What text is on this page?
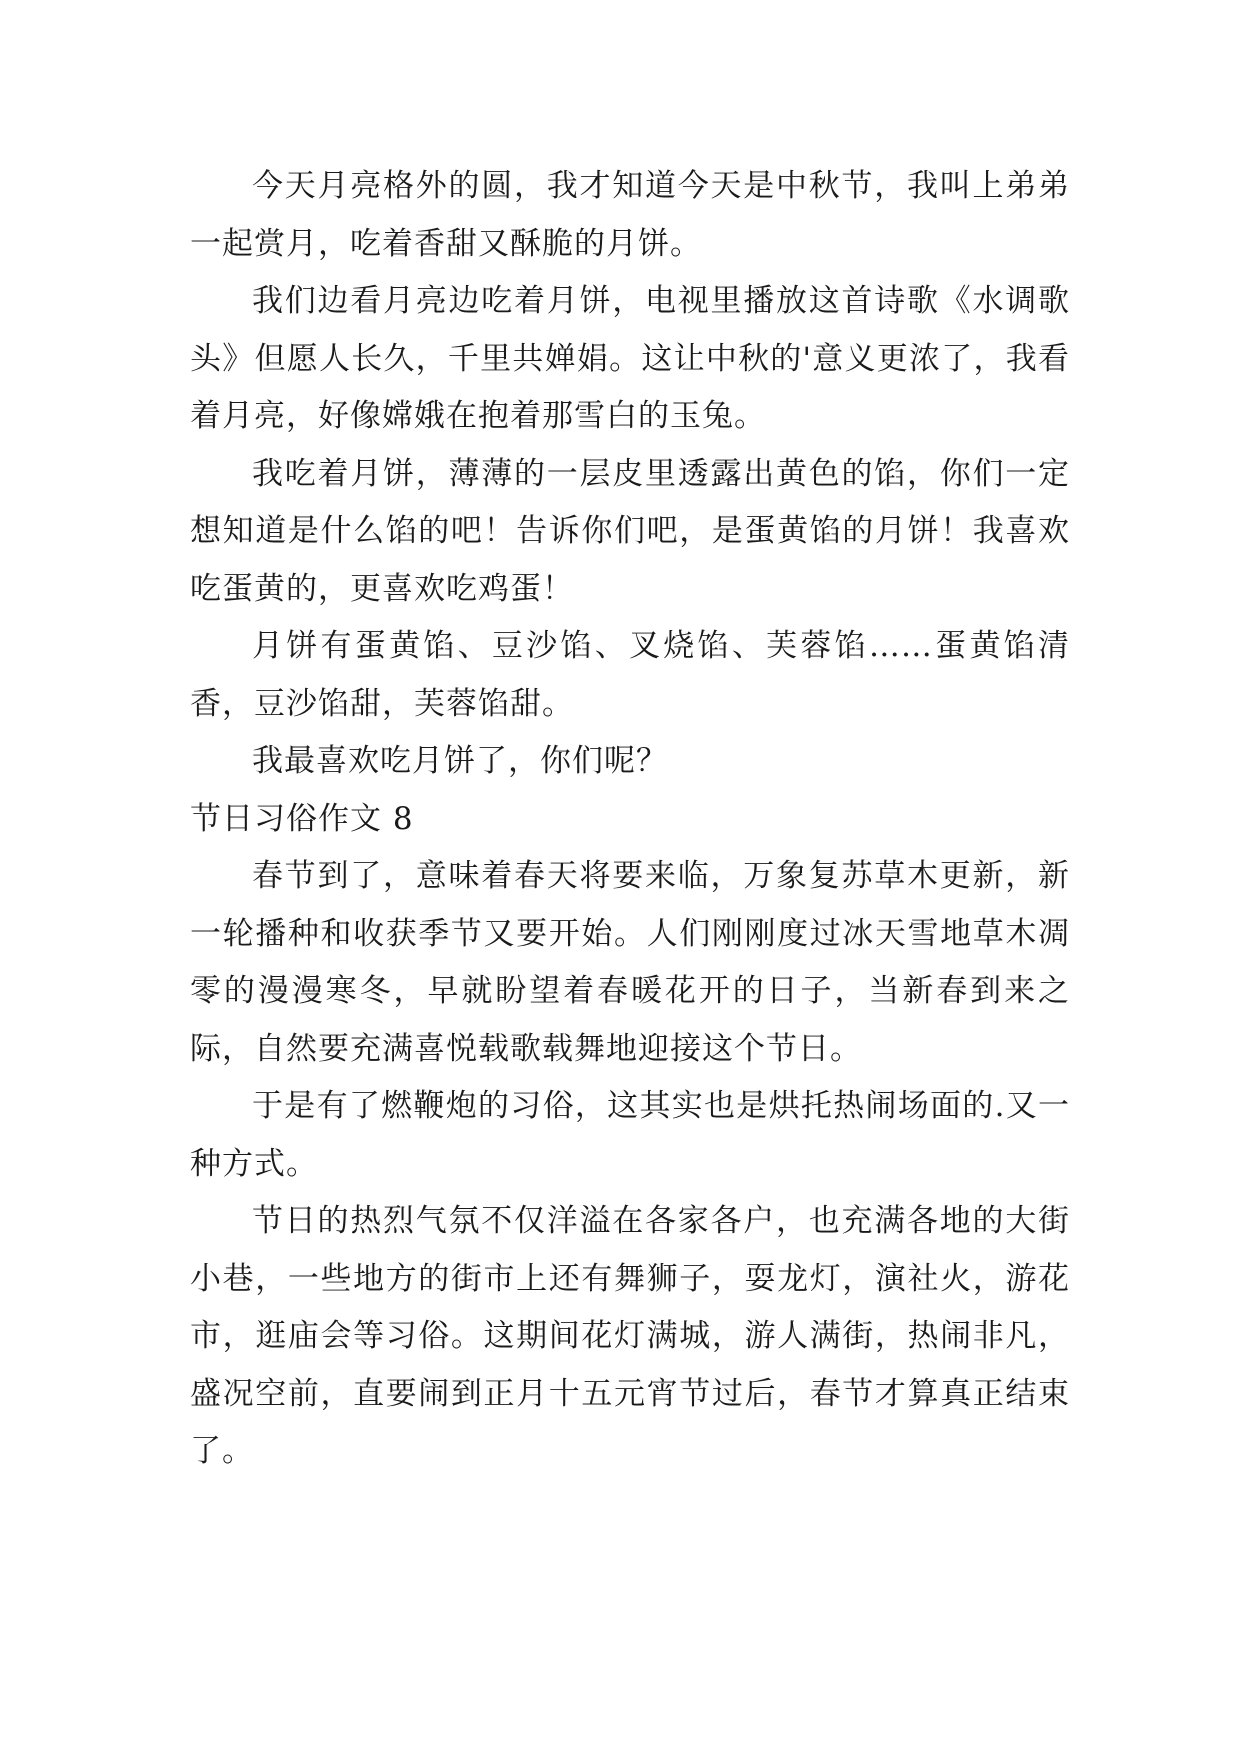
今天月亮格外的圆，我才知道今天是中秋节，我叫上弟弟一起赏月，吃着香甜又酥脆的月饼。

我们边看月亮边吃着月饼，电视里播放这首诗歌《水调歌头》但愿人长久，千里共婵娟。这让中秋的'意义更浓了，我看着月亮，好像嫦娥在抱着那雪白的玉兔。

我吃着月饼，薄薄的一层皮里透露出黄色的馅，你们一定想知道是什么馅的吧！告诉你们吧，是蛋黄馅的月饼！我喜欢吃蛋黄的，更喜欢吃鸡蛋！

月饼有蛋黄馅、豆沙馅、叉烧馅、芙蓉馅……蛋黄馅清香，豆沙馅甜，芙蓉馅甜。

我最喜欢吃月饼了，你们呢？

节日习俗作文 8

春节到了，意味着春天将要来临，万象复苏草木更新，新一轮播种和收获季节又要开始。人们刚刚度过冰天雪地草木凋零的漫漫寒冬，早就盼望着春暖花开的日子，当新春到来之际，自然要充满喜悦载歌载舞地迎接这个节日。

于是有了燃鞭炮的习俗，这其实也是烘托热闹场面的.又一种方式。

节日的热烈气氛不仅洋溢在各家各户，也充满各地的大街小巷，一些地方的街市上还有舞狮子，耍龙灯，演社火，游花市，逛庙会等习俗。这期间花灯满城，游人满街，热闹非凡，盛况空前，直要闹到正月十五元宵节过后，春节才算真正结束了。
